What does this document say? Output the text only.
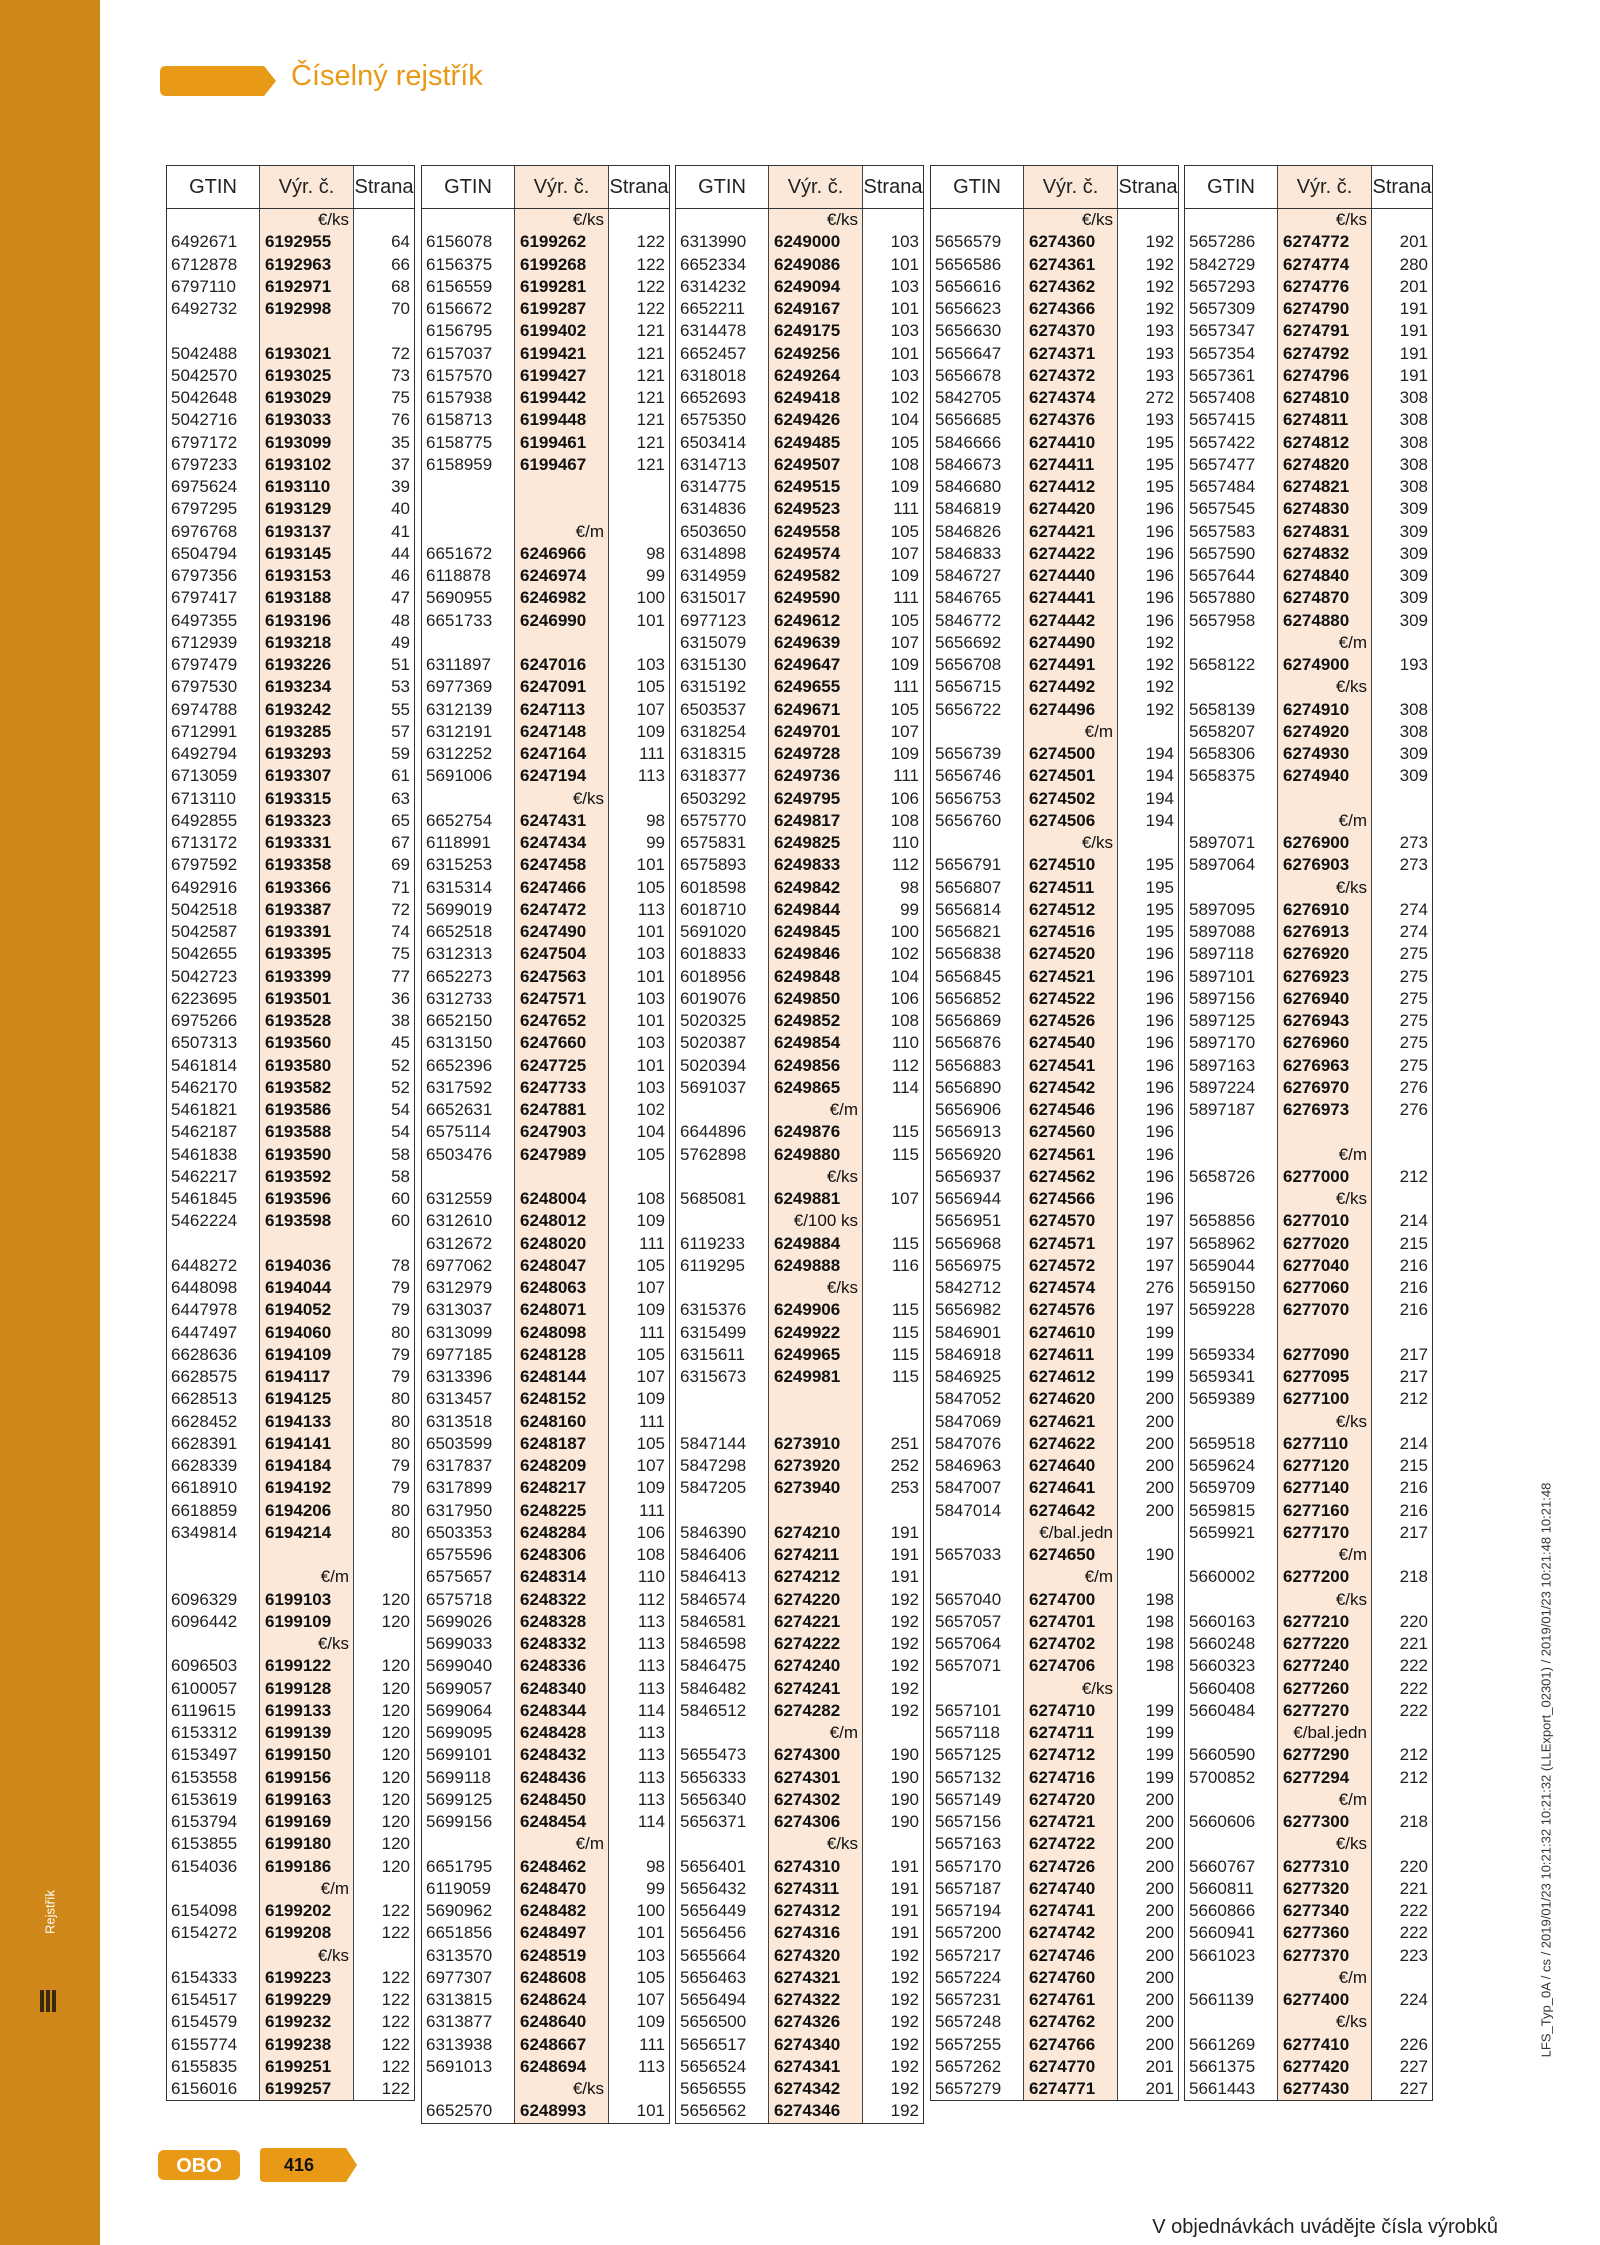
Rejstřík
Číselný rejstřík
GTIN	Výr. č.	Strana
	€/ks	
6492671	6192955	64
6712878	6192963	66
6797110	6192971	68
6492732	6192998	70

5042488	6193021	72
5042570	6193025	73
5042648	6193029	75
5042716	6193033	76
6797172	6193099	35
6797233	6193102	37
6975624	6193110	39
6797295	6193129	40
6976768	6193137	41
6504794	6193145	44
6797356	6193153	46
6797417	6193188	47
6497355	6193196	48
6712939	6193218	49
6797479	6193226	51
6797530	6193234	53
6974788	6193242	55
6712991	6193285	57
6492794	6193293	59
6713059	6193307	61
6713110	6193315	63
6492855	6193323	65
6713172	6193331	67
6797592	6193358	69
6492916	6193366	71
5042518	6193387	72
5042587	6193391	74
5042655	6193395	75
5042723	6193399	77
6223695	6193501	36
6975266	6193528	38
6507313	6193560	45
5461814	6193580	52
5462170	6193582	52
5461821	6193586	54
5462187	6193588	54
5461838	6193590	58
5462217	6193592	58
5461845	6193596	60
5462224	6193598	60

6448272	6194036	78
6448098	6194044	79
6447978	6194052	79
6447497	6194060	80
6628636	6194109	79
6628575	6194117	79
6628513	6194125	80
6628452	6194133	80
6628391	6194141	80
6628339	6194184	79
6618910	6194192	79
6618859	6194206	80
6349814	6194214	80

	€/m	
6096329	6199103	120
6096442	6199109	120
	€/ks	
6096503	6199122	120
6100057	6199128	120
6119615	6199133	120
6153312	6199139	120
6153497	6199150	120
6153558	6199156	120
6153619	6199163	120
6153794	6199169	120
6153855	6199180	120
6154036	6199186	120
	€/m	
6154098	6199202	122
6154272	6199208	122
	€/ks	
6154333	6199223	122
6154517	6199229	122
6154579	6199232	122
6155774	6199238	122
6155835	6199251	122
6156016	6199257	122
GTIN	Výr. č.	Strana
	€/ks	
6156078	6199262	122
6156375	6199268	122
6156559	6199281	122
6156672	6199287	122
6156795	6199402	121
6157037	6199421	121
6157570	6199427	121
6157938	6199442	121
6158713	6199448	121
6158775	6199461	121
6158959	6199467	121

	€/m	
6651672	6246966	98
6118878	6246974	99
5690955	6246982	100
6651733	6246990	101

6311897	6247016	103
6977369	6247091	105
6312139	6247113	107
6312191	6247148	109
6312252	6247164	111
5691006	6247194	113
	€/ks	
6652754	6247431	98
6118991	6247434	99
6315253	6247458	101
6315314	6247466	105
5699019	6247472	113
6652518	6247490	101
6312313	6247504	103
6652273	6247563	101
6312733	6247571	103
6652150	6247652	101
6313150	6247660	103
6652396	6247725	101
6317592	6247733	103
6652631	6247881	102
6575114	6247903	104
6503476	6247989	105

6312559	6248004	108
6312610	6248012	109
6312672	6248020	111
6977062	6248047	105
6312979	6248063	107
6313037	6248071	109
6313099	6248098	111
6977185	6248128	105
6313396	6248144	107
6313457	6248152	109
6313518	6248160	111
6503599	6248187	105
6317837	6248209	107
6317899	6248217	109
6317950	6248225	111
6503353	6248284	106
6575596	6248306	108
6575657	6248314	110
6575718	6248322	112
5699026	6248328	113
5699033	6248332	113
5699040	6248336	113
5699057	6248340	113
5699064	6248344	114
5699095	6248428	113
5699101	6248432	113
5699118	6248436	113
5699125	6248450	113
5699156	6248454	114
	€/m	
6651795	6248462	98
6119059	6248470	99
5690962	6248482	100
6651856	6248497	101
6313570	6248519	103
6977307	6248608	105
6313815	6248624	107
6313877	6248640	109
6313938	6248667	111
5691013	6248694	113
	€/ks	
6652570	6248993	101
GTIN	Výr. č.	Strana
	€/ks	
6313990	6249000	103
6652334	6249086	101
6314232	6249094	103
6652211	6249167	101
6314478	6249175	103
6652457	6249256	101
6318018	6249264	103
6652693	6249418	102
6575350	6249426	104
6503414	6249485	105
6314713	6249507	108
6314775	6249515	109
6314836	6249523	111
6503650	6249558	105
6314898	6249574	107
6314959	6249582	109
6315017	6249590	111
6977123	6249612	105
6315079	6249639	107
6315130	6249647	109
6315192	6249655	111
6503537	6249671	105
6318254	6249701	107
6318315	6249728	109
6318377	6249736	111
6503292	6249795	106
6575770	6249817	108
6575831	6249825	110
6575893	6249833	112
6018598	6249842	98
6018710	6249844	99
5691020	6249845	100
6018833	6249846	102
6018956	6249848	104
6019076	6249850	106
5020325	6249852	108
5020387	6249854	110
5020394	6249856	112
5691037	6249865	114
	€/m	
6644896	6249876	115
5762898	6249880	115
	€/ks	
5685081	6249881	107
	€/100 ks	
6119233	6249884	115
6119295	6249888	116
	€/ks	
6315376	6249906	115
6315499	6249922	115
6315611	6249965	115
6315673	6249981	115

5847144	6273910	251
5847298	6273920	252
5847205	6273940	253

5846390	6274210	191
5846406	6274211	191
5846413	6274212	191
5846574	6274220	192
5846581	6274221	192
5846598	6274222	192
5846475	6274240	192
5846482	6274241	192
5846512	6274282	192
	€/m	
5655473	6274300	190
5656333	6274301	190
5656340	6274302	190
5656371	6274306	190
	€/ks	
5656401	6274310	191
5656432	6274311	191
5656449	6274312	191
5656456	6274316	191
5655664	6274320	192
5656463	6274321	192
5656494	6274322	192
5656500	6274326	192
5656517	6274340	192
5656524	6274341	192
5656555	6274342	192
5656562	6274346	192
GTIN	Výr. č.	Strana
	€/ks	
5656579	6274360	192
5656586	6274361	192
5656616	6274362	192
5656623	6274366	192
5656630	6274370	193
5656647	6274371	193
5656678	6274372	193
5842705	6274374	272
5656685	6274376	193
5846666	6274410	195
5846673	6274411	195
5846680	6274412	195
5846819	6274420	196
5846826	6274421	196
5846833	6274422	196
5846727	6274440	196
5846765	6274441	196
5846772	6274442	196
5656692	6274490	192
5656708	6274491	192
5656715	6274492	192
5656722	6274496	192
	€/m	
5656739	6274500	194
5656746	6274501	194
5656753	6274502	194
5656760	6274506	194
	€/ks	
5656791	6274510	195
5656807	6274511	195
5656814	6274512	195
5656821	6274516	195
5656838	6274520	196
5656845	6274521	196
5656852	6274522	196
5656869	6274526	196
5656876	6274540	196
5656883	6274541	196
5656890	6274542	196
5656906	6274546	196
5656913	6274560	196
5656920	6274561	196
5656937	6274562	196
5656944	6274566	196
5656951	6274570	197
5656968	6274571	197
5656975	6274572	197
5842712	6274574	276
5656982	6274576	197
5846901	6274610	199
5846918	6274611	199
5846925	6274612	199
5847052	6274620	200
5847069	6274621	200
5847076	6274622	200
5846963	6274640	200
5847007	6274641	200
5847014	6274642	200
	€/bal.jedn	
5657033	6274650	190
	€/m	
5657040	6274700	198
5657057	6274701	198
5657064	6274702	198
5657071	6274706	198
	€/ks	
5657101	6274710	199
5657118	6274711	199
5657125	6274712	199
5657132	6274716	199
5657149	6274720	200
5657156	6274721	200
5657163	6274722	200
5657170	6274726	200
5657187	6274740	200
5657194	6274741	200
5657200	6274742	200
5657217	6274746	200
5657224	6274760	200
5657231	6274761	200
5657248	6274762	200
5657255	6274766	200
5657262	6274770	201
5657279	6274771	201
GTIN	Výr. č.	Strana
	€/ks	
5657286	6274772	201
5842729	6274774	280
5657293	6274776	201
5657309	6274790	191
5657347	6274791	191
5657354	6274792	191
5657361	6274796	191
5657408	6274810	308
5657415	6274811	308
5657422	6274812	308
5657477	6274820	308
5657484	6274821	308
5657545	6274830	309
5657583	6274831	309
5657590	6274832	309
5657644	6274840	309
5657880	6274870	309
5657958	6274880	309
	€/m	
5658122	6274900	193
	€/ks	
5658139	6274910	308
5658207	6274920	308
5658306	6274930	309
5658375	6274940	309

	€/m	
5897071	6276900	273
5897064	6276903	273
	€/ks	
5897095	6276910	274
5897088	6276913	274
5897118	6276920	275
5897101	6276923	275
5897156	6276940	275
5897125	6276943	275
5897170	6276960	275
5897163	6276963	275
5897224	6276970	276
5897187	6276973	276

	€/m	
5658726	6277000	212
	€/ks	
5658856	6277010	214
5658962	6277020	215
5659044	6277040	216
5659150	6277060	216
5659228	6277070	216

5659334	6277090	217
5659341	6277095	217
5659389	6277100	212
	€/ks	
5659518	6277110	214
5659624	6277120	215
5659709	6277140	216
5659815	6277160	216
5659921	6277170	217
	€/m	
5660002	6277200	218
	€/ks	
5660163	6277210	220
5660248	6277220	221
5660323	6277240	222
5660408	6277260	222
5660484	6277270	222
	€/bal.jedn	
5660590	6277290	212
5700852	6277294	212
	€/m	
5660606	6277300	218
	€/ks	
5660767	6277310	220
5660811	6277320	221
5660866	6277340	222
5660941	6277360	222
5661023	6277370	223
	€/m	
5661139	6277400	224
	€/ks	
5661269	6277410	226
5661375	6277420	227
5661443	6277430	227
OBO	416
V objednávkách uvádějte čísla výrobků
LFS_Typ_0A / cs / 2019/01/23 10:21:32 10:21:32 (LLExport_02301) / 2019/01/23 10:21:48 10:21:48
